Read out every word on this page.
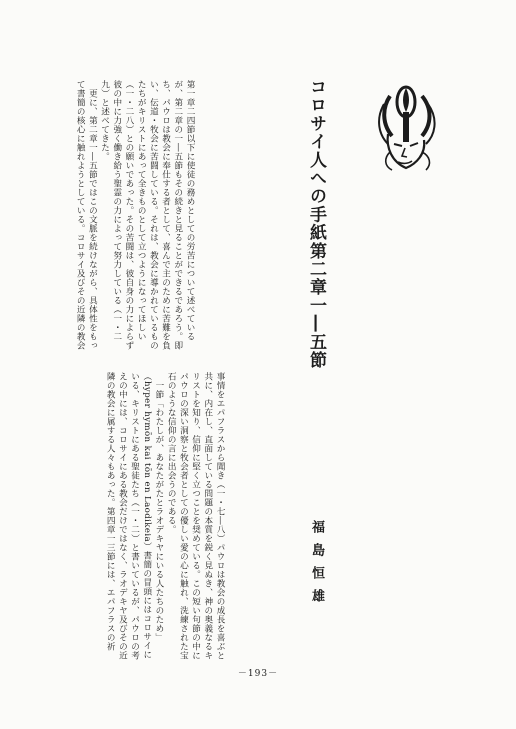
コロサイ人への手紙第二章一―五節
福島恒雄
第一章二四節以下に使徒の務めとしての労苦について述べているが、第二章の一―五節もその続きと見ることができるであろう。即ち、パウロは教会に奉仕する者として、喜んで主のために苦難を負い、伝道・牧会に苦闘している。それは、教会に導かれているものたちがキリストにあって全きものとして立つようになってほしい（一・二八）との願いであった。その苦闘は、彼自身の力によらず彼の中に力強く働き給う聖霊の力によって努力している（一・二九）と述べてきた。
　更に、第二章一―五節ではこの文脈を続けながら、具体性をもって書簡の核心に触れようとしている。コロサイ及びその近隣の教会
事情をエパフラスから聞き（一・七―八）パウロは教会の成長を喜ぶと共に、内在し、直面している問題の本質を鋭く見ぬき、神の奥義なるキリストを知り、信仰に堅く立つことを奨めている。この短い句節の中にパウロの深い洞察と牧会者としての優しい愛の心に触れ、洗練された宝石のような信仰の言に出会うのである。
　一節「わたしが、あなたがたとラオデキヤにいる人たちのため」（hyper hymōn kai tōn en Laodikeia）書簡の冒頭にはコロサイにいる、キリストにある聖徒たち（一・二）と書いているが、パウロの考えの中には、コロサイにある教会だけではなく、ラオデキヤ及びその近隣の教会に属する人々もあった。第四章一三節には、エパフラスの祈
－193－
